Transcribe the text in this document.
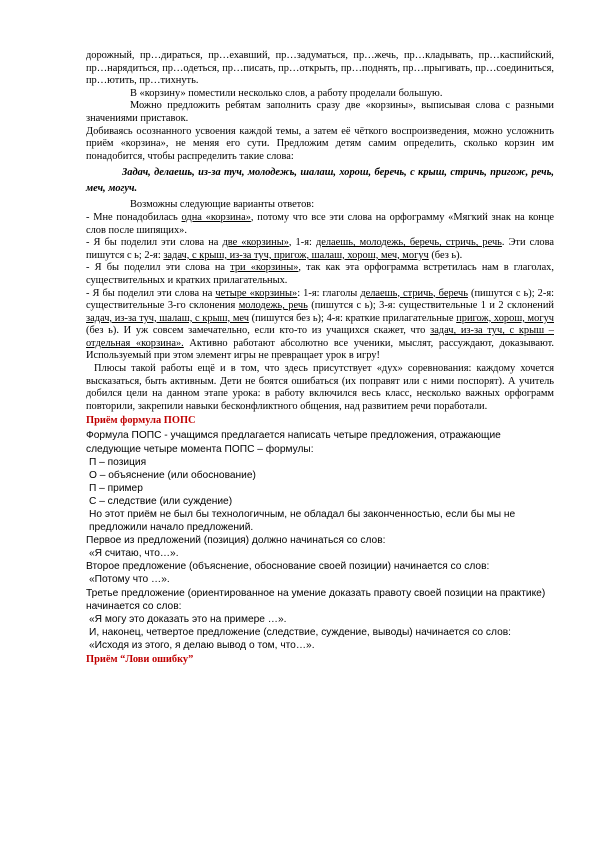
дорожный, пр…дираться, пр…ехавший, пр…задуматься, пр…жечь, пр…кладывать, пр…каспийский, пр…нарядиться, пр…одеться, пр…писать, пр…открыть, пр…поднять, пр…прыгивать, пр…соединиться, пр…ютить, пр…тихнуть.

В «корзину» поместили несколько слов, а работу проделали большую.

Можно предложить ребятам заполнить сразу две «корзины», выписывая слова с разными значениями приставок.

Добиваясь осознанного усвоения каждой темы, а затем её чёткого воспроизведения, можно усложнить приём «корзина», не меняя его сути. Предложим детям самим определить, сколько корзин им понадобится, чтобы распределить такие слова:

Задач, делаешь, из-за туч, молодежь, шалаш, хорош, беречь, с крыш, стричь, пригож, речь, меч, могуч.

Возможны следующие варианты ответов:

- Мне понадобилась одна «корзина», потому что все эти слова на орфограмму «Мягкий знак на конце слов после шипящих».

- Я бы поделил эти слова на две «корзины», 1-я: делаешь, молодежь, беречь, стричь, речь. Эти слова пишутся с ь; 2-я: задач, с крыш, из-за туч, пригож, шалаш, хорош, меч, могуч (без ь).

- Я бы поделил эти слова на три «корзины», так как эта орфограмма встретилась нам в глаголах, существительных и кратких прилагательных.

- Я бы поделил эти слова на четыре «корзины»: 1-я: глаголы делаешь, стричь, беречь (пишутся с ь); 2-я: существительные 3-го склонения молодежь, речь (пишутся с ь); 3-я: существительные 1 и 2 склонений задач, из-за туч, шалаш, с крыш, меч (пишутся без ь); 4-я: краткие прилагательные пригож, хорош, могуч (без ь). И уж совсем замечательно, если кто-то из учащихся скажет, что задач, из-за туч, с крыш – отдельная «корзина». Активно работают абсолютно все ученики, мыслят, рассуждают, доказывают. Используемый при этом элемент игры не превращает урок в игру!

Плюсы такой работы ещё и в том, что здесь присутствует «дух» соревнования: каждому хочется высказаться, быть активным. Дети не боятся ошибаться (их поправят или с ними поспорят). А учитель добился цели на данном этапе урока: в работу включился весь класс, несколько важных орфограмм повторили, закрепили навыки бесконфликтного общения, над развитием речи поработали.

Приём формула ПОПС

Формула ПОПС - учащимся предлагается написать четыре предложения, отражающие следующие четыре момента ПОПС – формулы:

П – позиция

О – объяснение (или обоснование)

П – пример

С – следствие (или суждение)

Но этот приём не был бы технологичным, не обладал бы законченностью, если бы мы не предложили начало предложений.

Первое из предложений (позиция) должно начинаться со слов:

«Я считаю, что…».

Второе предложение (объяснение, обоснование своей позиции) начинается со слов:

«Потому что …».

Третье предложение (ориентированное на умение доказать правоту своей позиции на практике) начинается со слов:

«Я могу это доказать это на примере …».

И, наконец, четвертое предложение (следствие, суждение, выводы) начинается со слов:

«Исходя из этого, я делаю вывод о том, что…».

Приём “Лови ошибку”
